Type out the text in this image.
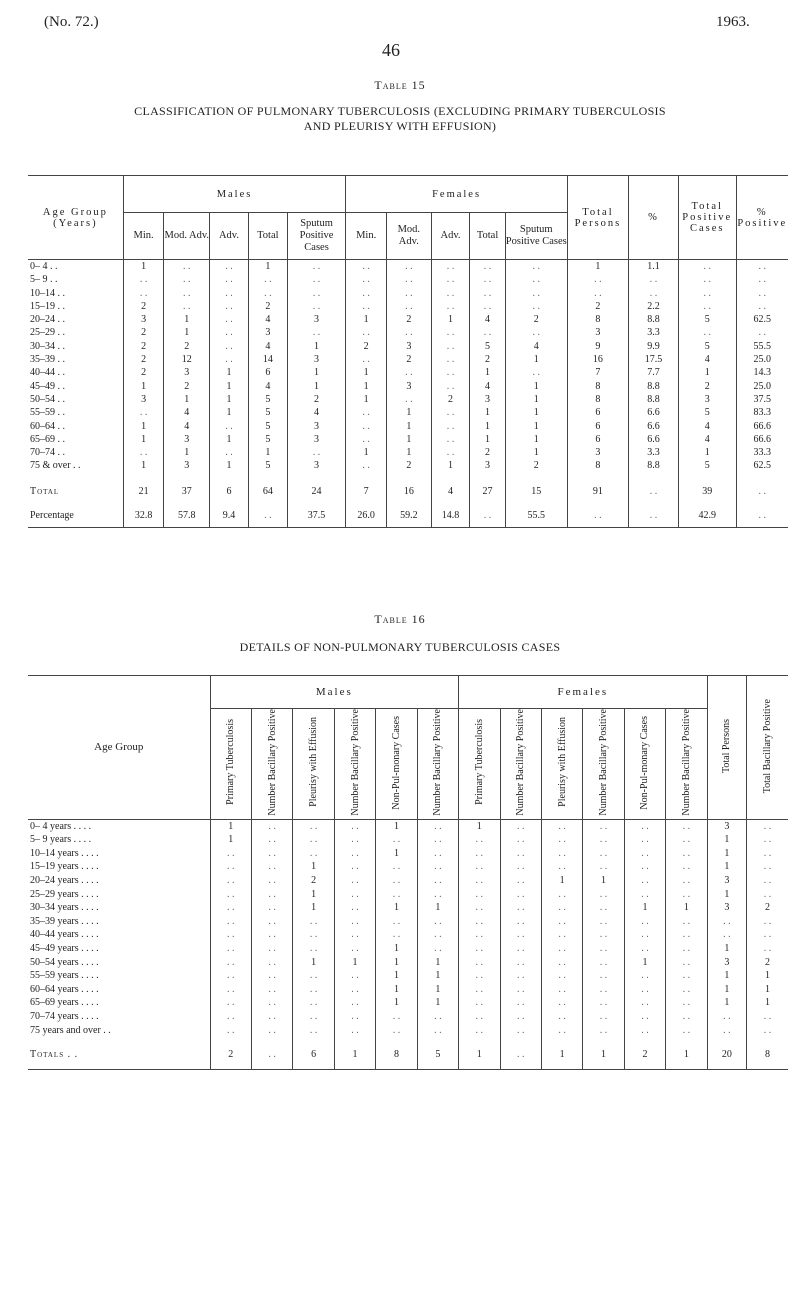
(No. 72.)
46
1963.
Table 15
CLASSIFICATION OF PULMONARY TUBERCULOSIS (EXCLUDING PRIMARY TUBERCULOSIS
AND PLEURISY WITH EFFUSION)
Age Group (Years)	Males					Females					Total Persons	%	Total Positive Cases	% Positive
	Min.	Mod. Adv.	Adv.	Total	Sputum Positive Cases	Min.	Mod. Adv.	Adv.	Total	Sputum Positive Cases				
0– 4 . .	1	. .	. .	1	. .	. .	. .	. .	. .	. .	1	1.1	. .	. .
5– 9 . .	. .	. .	. .	. .	. .	. .	. .	. .	. .	. .	. .	. .	. .	. .
10–14 . .	. .	. .	. .	. .	. .	. .	. .	. .	. .	. .	. .	. .	. .	. .
15–19 . .	2	. .	. .	2	. .	. .	. .	. .	. .	. .	2	2.2	. .	. .
20–24 . .	3	1	. .	4	3	1	2	1	4	2	8	8.8	5	62.5
25–29 . .	2	1	. .	3	. .	. .	. .	. .	. .	. .	3	3.3	. .	. .
30–34 . .	2	2	. .	4	1	2	3	. .	5	4	9	9.9	5	55.5
35–39 . .	2	12	. .	14	3	. .	2	. .	2	1	16	17.5	4	25.0
40–44 . .	2	3	1	6	1	1	. .	. .	1	. .	7	7.7	1	14.3
45–49 . .	1	2	1	4	1	1	3	. .	4	1	8	8.8	2	25.0
50–54 . .	3	1	1	5	2	1	. .	2	3	1	8	8.8	3	37.5
55–59 . .	. .	4	1	5	4	. .	1	. .	1	1	6	6.6	5	83.3
60–64 . .	1	4	. .	5	3	. .	1	. .	1	1	6	6.6	4	66.6
65–69 . .	1	3	1	5	3	. .	1	. .	1	1	6	6.6	4	66.6
70–74 . .	. .	1	. .	1	. .	1	1	. .	2	1	3	3.3	1	33.3
75 & over . .	1	3	1	5	3	. .	2	1	3	2	8	8.8	5	62.5
Total	21	37	6	64	24	7	16	4	27	15	91	. .	39	. .
Percentage	32.8	57.8	9.4	. .	37.5	26.0	59.2	14.8	. .	55.5	. .	. .	42.9	. .
Table 16
DETAILS OF NON-PULMONARY TUBERCULOSIS CASES
Age Group	Males						Females						Total Persons	Total Bacillary Positive
	Primary Tuberculosis	Number Bacillary Positive	Pleurisy with Effusion	Number Bacillary Positive	Non-Pul-monary Cases	Number Bacillary Positive	Primary Tuberculosis	Number Bacillary Positive	Pleurisy with Effusion	Number Bacillary Positive	Non-Pul-monary Cases	Number Bacillary Positive		
0– 4 years . . . .	1	. .	. .	. .	1	. .	1	. .	. .	. .	. .	. .	3	. .
5– 9 years . . . .	1	. .	. .	. .	. .	. .	. .	. .	. .	. .	. .	. .	1	. .
10–14 years . . . .	. .	. .	. .	. .	1	. .	. .	. .	. .	. .	. .	. .	1	. .
15–19 years . . . .	. .	. .	1	. .	. .	. .	. .	. .	. .	. .	. .	. .	1	. .
20–24 years . . . .	. .	. .	2	. .	. .	. .	. .	. .	1	1	. .	. .	3	. .
25–29 years . . . .	. .	. .	1	. .	. .	. .	. .	. .	. .	. .	. .	. .	1	. .
30–34 years . . . .	. .	. .	1	. .	1	1	. .	. .	. .	. .	1	1	3	2
35–39 years . . . .	. .	. .	. .	. .	. .	. .	. .	. .	. .	. .	. .	. .	. .	. .
40–44 years . . . .	. .	. .	. .	. .	. .	. .	. .	. .	. .	. .	. .	. .	. .	. .
45–49 years . . . .	. .	. .	. .	. .	1	. .	. .	. .	. .	. .	. .	. .	1	. .
50–54 years . . . .	. .	. .	1	1	1	1	. .	. .	. .	. .	1	. .	3	2
55–59 years . . . .	. .	. .	. .	. .	1	1	. .	. .	. .	. .	. .	. .	1	1
60–64 years . . . .	. .	. .	. .	. .	1	1	. .	. .	. .	. .	. .	. .	1	1
65–69 years . . . .	. .	. .	. .	. .	1	1	. .	. .	. .	. .	. .	. .	1	1
70–74 years . . . .	. .	. .	. .	. .	. .	. .	. .	. .	. .	. .	. .	. .	. .	. .
75 years and over . .	. .	. .	. .	. .	. .	. .	. .	. .	. .	. .	. .	. .	. .	. .
Totals . .	2	. .	6	1	8	5	1	. .	1	1	2	1	20	8
